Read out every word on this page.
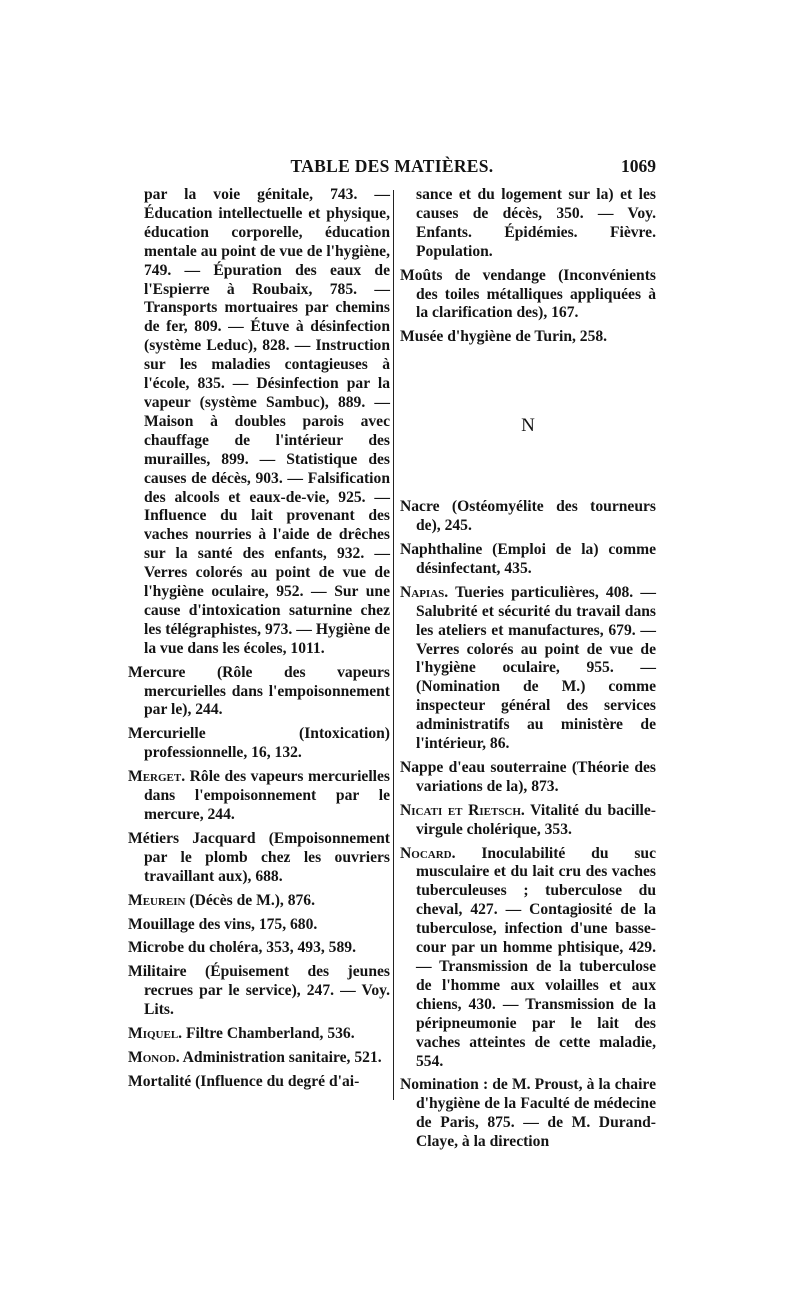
TABLE DES MATIÈRES.	1069
par la voie génitale, 743. — Éducation intellectuelle et physique, éducation corporelle, éducation mentale au point de vue de l'hygiène, 749. — Épuration des eaux de l'Espierre à Roubaix, 785. — Transports mortuaires par chemins de fer, 809. — Étuve à désinfection (système Leduc), 828. — Instruction sur les maladies contagieuses à l'école, 835. — Désinfection par la vapeur (système Sambuc), 889. — Maison à doubles parois avec chauffage de l'intérieur des murailles, 899. — Statistique des causes de décès, 903. — Falsification des alcools et eaux-de-vie, 925. — Influence du lait provenant des vaches nourries à l'aide de drêches sur la santé des enfants, 932. — Verres colorés au point de vue de l'hygiène oculaire, 952. — Sur une cause d'intoxication saturnine chez les télégraphistes, 973. — Hygiène de la vue dans les écoles, 1011.
Mercure (Rôle des vapeurs mercurielles dans l'empoisonnement par le), 244.
Mercurielle (Intoxication) professionnelle, 16, 132.
Merget. Rôle des vapeurs mercurielles dans l'empoisonnement par le mercure, 244.
Métiers Jacquard (Empoisonnement par le plomb chez les ouvriers travaillant aux), 688.
Meurein (Décès de M.), 876.
Mouillage des vins, 175, 680.
Microbe du choléra, 353, 493, 589.
Militaire (Épuisement des jeunes recrues par le service), 247. — Voy. Lits.
Miquel. Filtre Chamberland, 536.
Monod. Administration sanitaire, 521.
Mortalité (Influence du degré d'ai-
sance et du logement sur la) et les causes de décès, 350. — Voy. Enfants. Épidémies. Fièvre. Population.
Moûts de vendange (Inconvénients des toiles métalliques appliquées à la clarification des), 167.
Musée d'hygiène de Turin, 258.
N
Nacre (Ostéomyélite des tourneurs de), 245.
Naphthaline (Emploi de la) comme désinfectant, 435.
Napias. Tueries particulières, 408. — Salubrité et sécurité du travail dans les ateliers et manufactures, 679. — Verres colorés au point de vue de l'hygiène oculaire, 955. — (Nomination de M.) comme inspecteur général des services administratifs au ministère de l'intérieur, 86.
Nappe d'eau souterraine (Théorie des variations de la), 873.
Nicati et Rietsch. Vitalité du bacille-virgule cholérique, 353.
Nocard. Inoculabilité du suc musculaire et du lait cru des vaches tuberculeuses ; tuberculose du cheval, 427. — Contagiosité de la tuberculose, infection d'une basse-cour par un homme phtisique, 429. — Transmission de la tuberculose de l'homme aux volailles et aux chiens, 430. — Transmission de la péripneumonie par le lait des vaches atteintes de cette maladie, 554.
Nomination : de M. Proust, à la chaire d'hygiène de la Faculté de médecine de Paris, 875. — de M. Durand-Claye, à la direction
